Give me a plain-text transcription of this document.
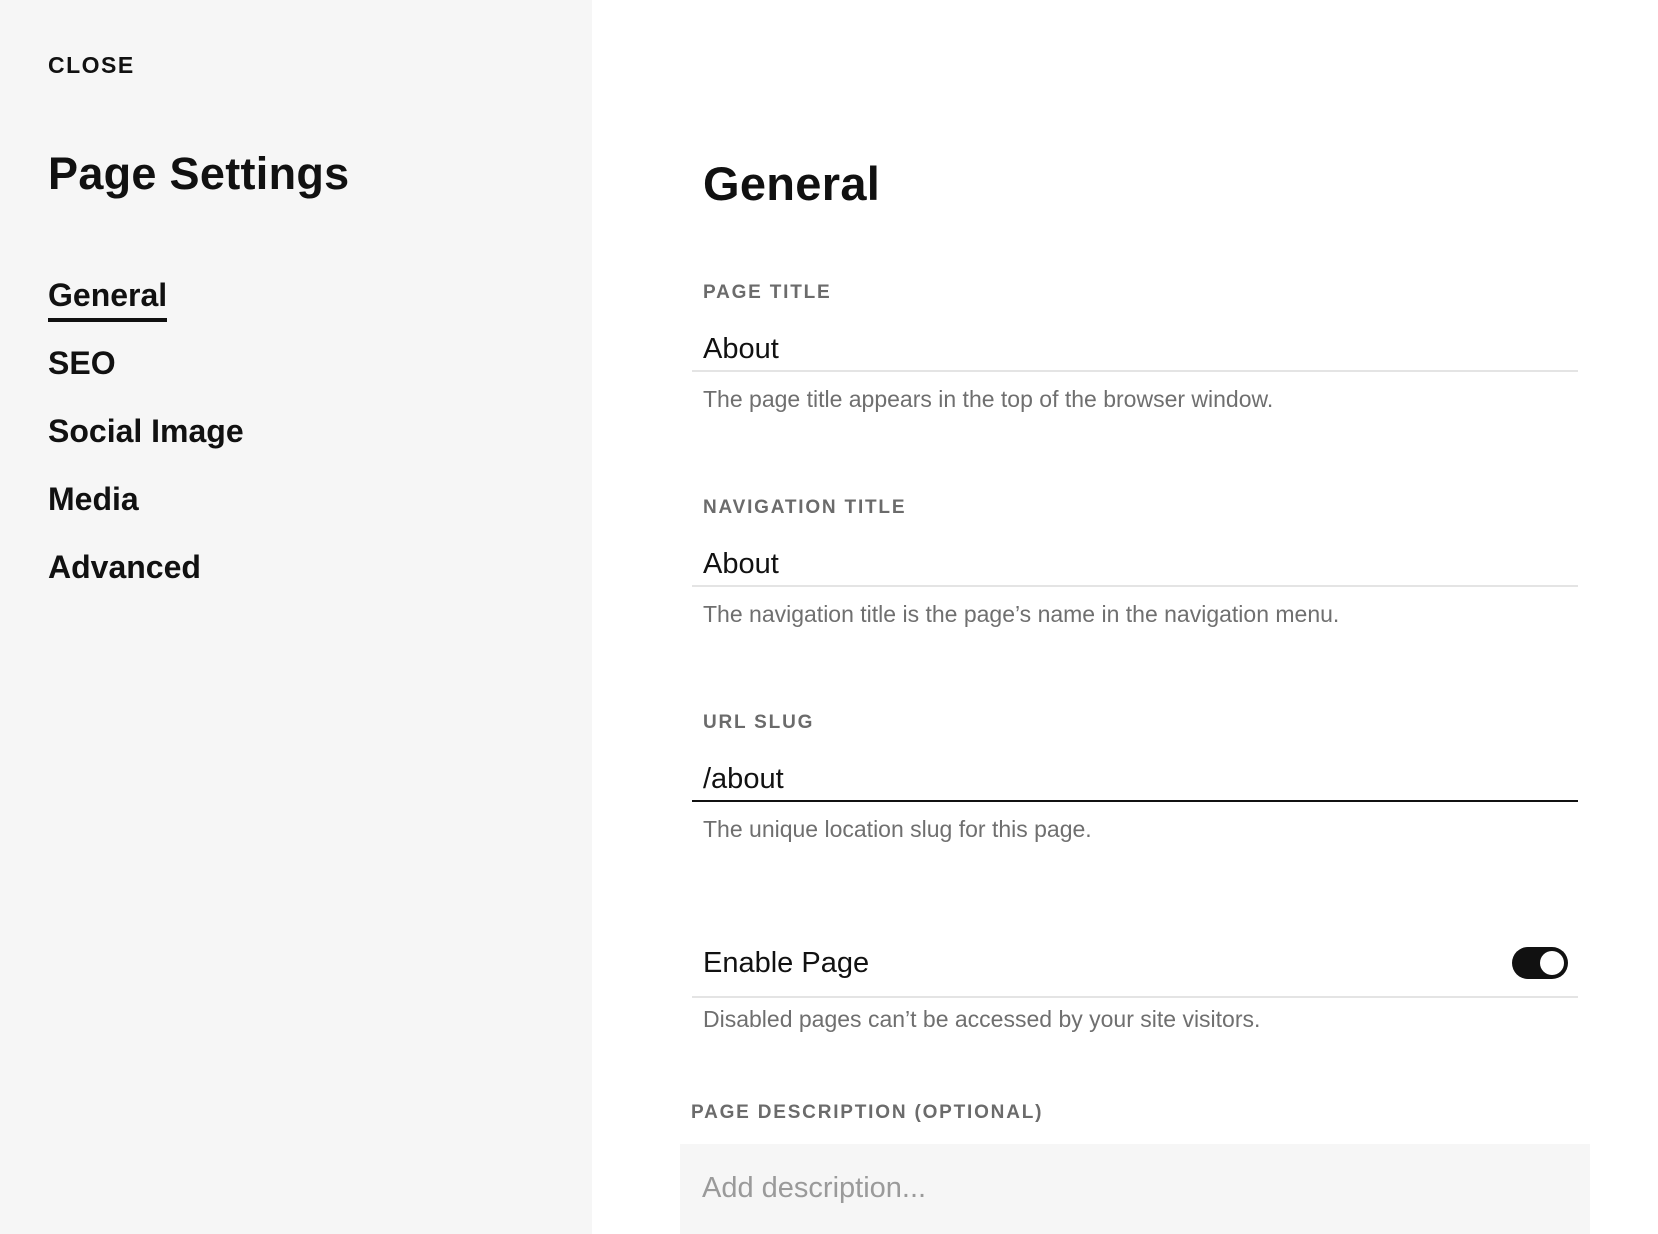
CLOSE
Page Settings
General
SEO
Social Image
Media
Advanced
General
PAGE TITLE
About
The page title appears in the top of the browser window.
NAVIGATION TITLE
About
The navigation title is the page’s name in the navigation menu.
URL SLUG
/about
The unique location slug for this page.
Enable Page
Disabled pages can’t be accessed by your site visitors.
PAGE DESCRIPTION (OPTIONAL)
Add description...
